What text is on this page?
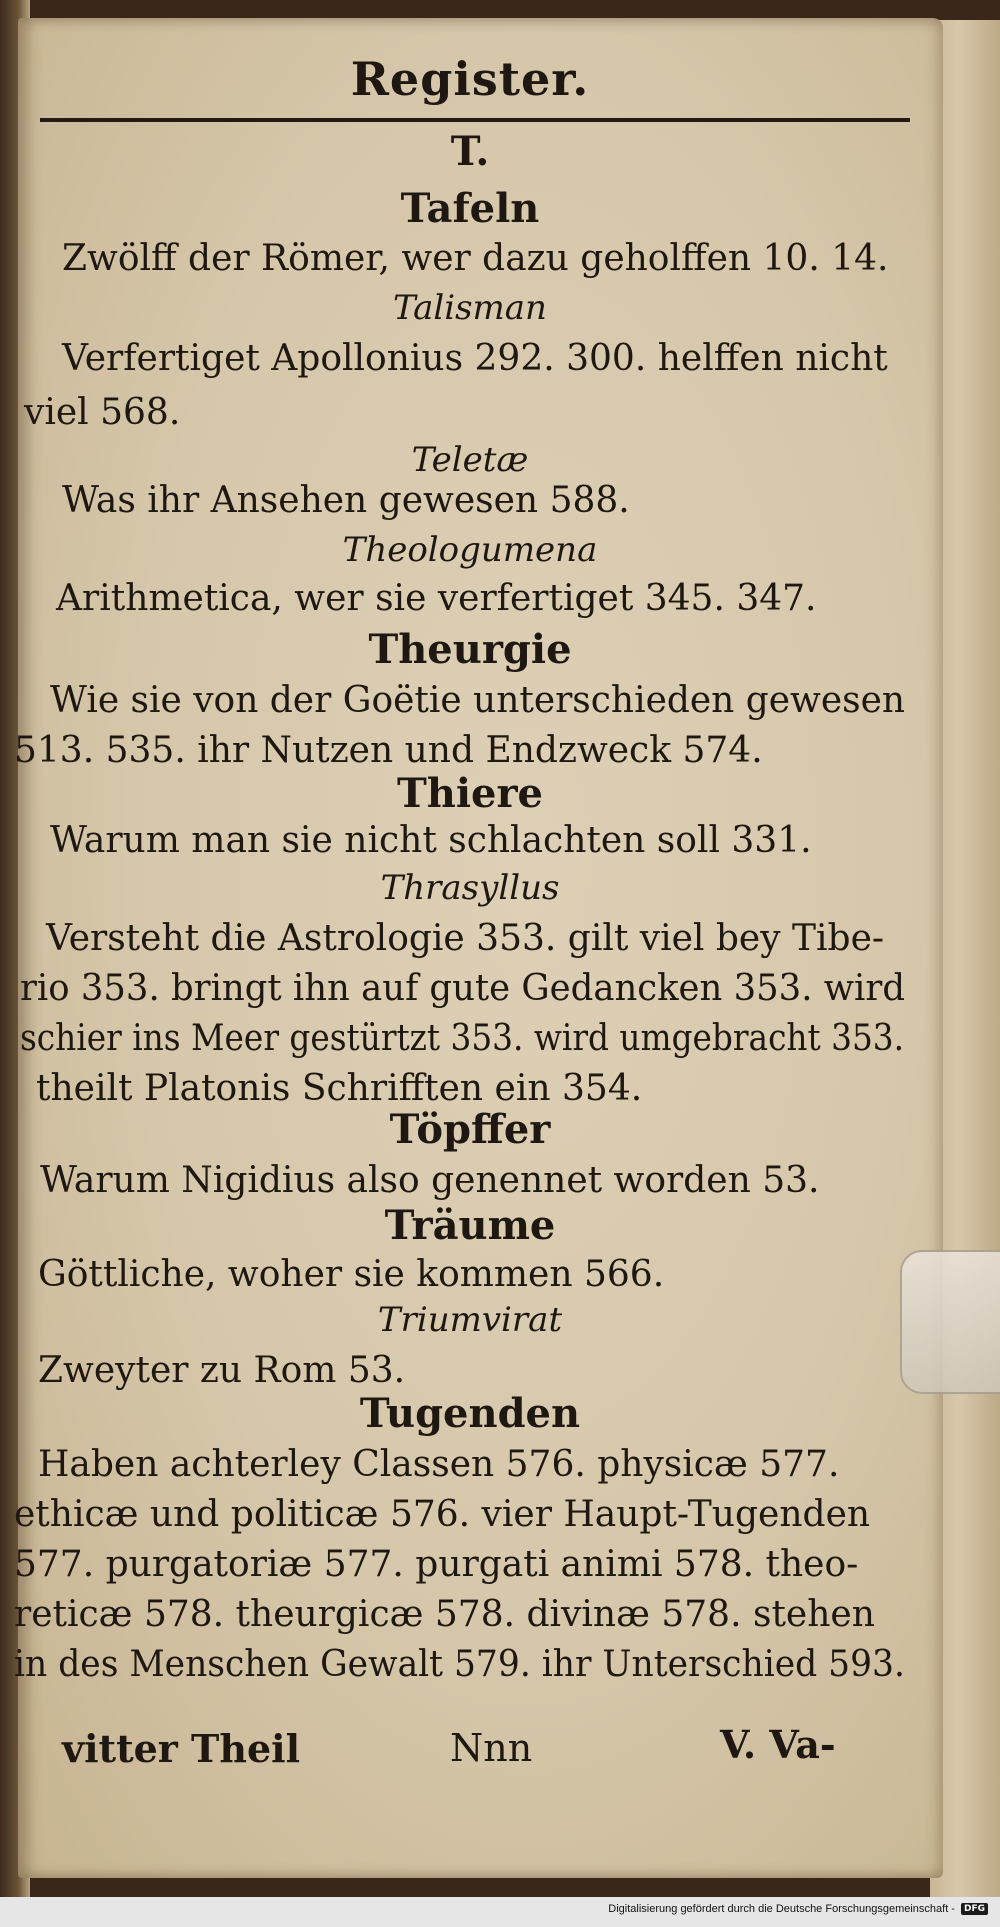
Register.
T.
Tafeln
Zwölff der Römer, wer dazu geholffen 10. 14.
Talisman
Verfertiget Apollonius 292. 300. helffen nicht
viel 568.
Teletæ
Was ihr Ansehen gewesen 588.
Theologumena
Arithmetica, wer sie verfertiget 345. 347.
Theurgie
Wie sie von der Goëtie unterschieden gewesen
513. 535. ihr Nutzen und Endzweck 574.
Thiere
Warum man sie nicht schlachten soll 331.
Thrasyllus
Versteht die Astrologie 353. gilt viel bey Tibe-
rio 353. bringt ihn auf gute Gedancken 353. wird
schier ins Meer gestürtzt 353. wird umgebracht 353.
theilt Platonis Schrifften ein 354.
Töpffer
Warum Nigidius also genennet worden 53.
Träume
Göttliche, woher sie kommen 566.
Triumvirat
Zweyter zu Rom 53.
Tugenden
Haben achterley Classen 576. physicæ 577.
ethicæ und politicæ 576. vier Haupt-Tugenden
577. purgatoriæ 577. purgati animi 578. theo-
reticæ 578. theurgicæ 578. divinæ 578. stehen
in des Menschen Gewalt 579. ihr Unterschied 593.
vitter Theil	Nnn	V. Va-
Digitalisierung gefördert durch die Deutsche Forschungsgemeinschaft -	DFG
